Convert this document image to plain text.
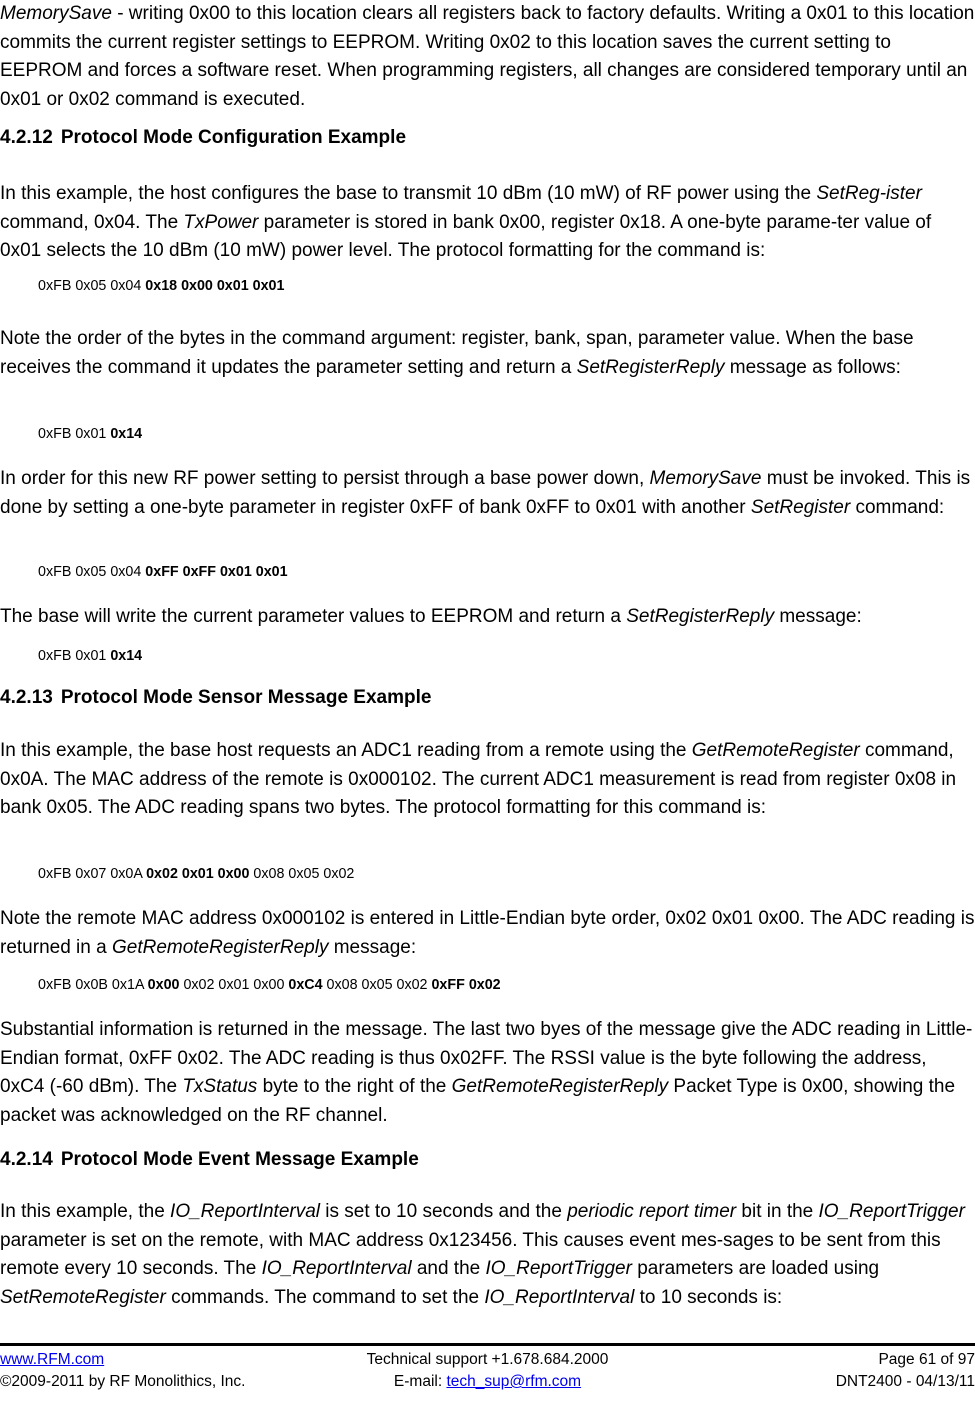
MemorySave - writing 0x00 to this location clears all registers back to factory defaults. Writing a 0x01 to this location commits the current register settings to EEPROM. Writing 0x02 to this location saves the current setting to EEPROM and forces a software reset. When programming registers, all changes are considered temporary until an 0x01 or 0x02 command is executed.

4.2.12 Protocol Mode Configuration Example

In this example, the host configures the base to transmit 10 dBm (10 mW) of RF power using the SetReg-ister command, 0x04. The TxPower parameter is stored in bank 0x00, register 0x18. A one-byte parame-ter value of 0x01 selects the 10 dBm (10 mW) power level. The protocol formatting for the command is:

0xFB 0x05 0x04 0x18 0x00 0x01 0x01

Note the order of the bytes in the command argument: register, bank, span, parameter value. When the base receives the command it updates the parameter setting and return a SetRegisterReply message as follows:

0xFB 0x01 0x14

In order for this new RF power setting to persist through a base power down, MemorySave must be invoked. This is done by setting a one-byte parameter in register 0xFF of bank 0xFF to 0x01 with another SetRegister command:

0xFB 0x05 0x04 0xFF 0xFF 0x01 0x01

The base will write the current parameter values to EEPROM and return a SetRegisterReply message:

0xFB 0x01 0x14

4.2.13 Protocol Mode Sensor Message Example

In this example, the base host requests an ADC1 reading from a remote using the GetRemoteRegister command, 0x0A. The MAC address of the remote is 0x000102. The current ADC1 measurement is read from register 0x08 in bank 0x05. The ADC reading spans two bytes. The protocol formatting for this command is:

0xFB 0x07 0x0A 0x02 0x01 0x00 0x08 0x05 0x02

Note the remote MAC address 0x000102 is entered in Little-Endian byte order, 0x02 0x01 0x00. The ADC reading is returned in a GetRemoteRegisterReply message:

0xFB 0x0B 0x1A 0x00 0x02 0x01 0x00 0xC4 0x08 0x05 0x02 0xFF 0x02

Substantial information is returned in the message. The last two byes of the message give the ADC reading in Little-Endian format, 0xFF 0x02. The ADC reading is thus 0x02FF. The RSSI value is the byte following the address, 0xC4 (-60 dBm). The TxStatus byte to the right of the GetRemoteRegisterReply Packet Type is 0x00, showing the packet was acknowledged on the RF channel.

4.2.14 Protocol Mode Event Message Example

In this example, the IO_ReportInterval is set to 10 seconds and the periodic report timer bit in the IO_ReportTrigger parameter is set on the remote, with MAC address 0x123456. This causes event mes-sages to be sent from this remote every 10 seconds. The IO_ReportInterval and the IO_ReportTrigger parameters are loaded using SetRemoteRegister commands. The command to set the IO_ReportInterval to 10 seconds is:

www.RFM.com	Technical support +1.678.684.2000	Page 61 of 97
©2009-2011 by RF Monolithics, Inc.	E-mail: tech_sup@rfm.com	DNT2400 - 04/13/11
